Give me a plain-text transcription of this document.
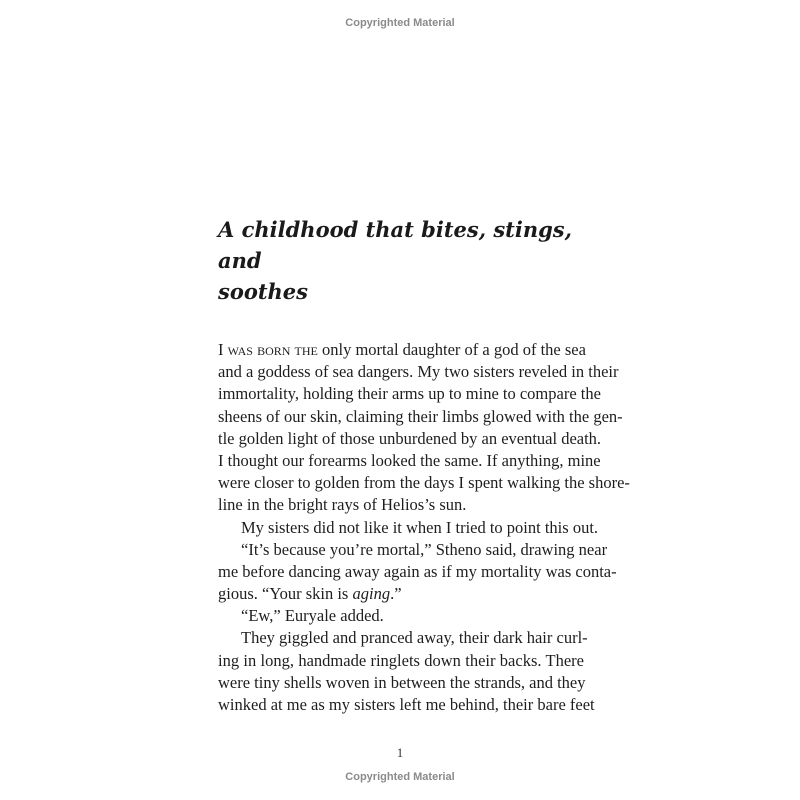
Copyrighted Material
A childhood that bites, stings, and
soothes
I was born the only mortal daughter of a god of the sea
and a goddess of sea dangers. My two sisters reveled in their
immortality, holding their arms up to mine to compare the
sheens of our skin, claiming their limbs glowed with the gen-
tle golden light of those unburdened by an eventual death.
I thought our forearms looked the same. If anything, mine
were closer to golden from the days I spent walking the shore-
line in the bright rays of Helios’s sun.
My sisters did not like it when I tried to point this out.
“It’s because you’re mortal,” Stheno said, drawing near
me before dancing away again as if my mortality was conta-
gious. “Your skin is aging.”
“Ew,” Euryale added.
They giggled and pranced away, their dark hair curl-
ing in long, handmade ringlets down their backs. There
were tiny shells woven in between the strands, and they
winked at me as my sisters left me behind, their bare feet
1
Copyrighted Material
